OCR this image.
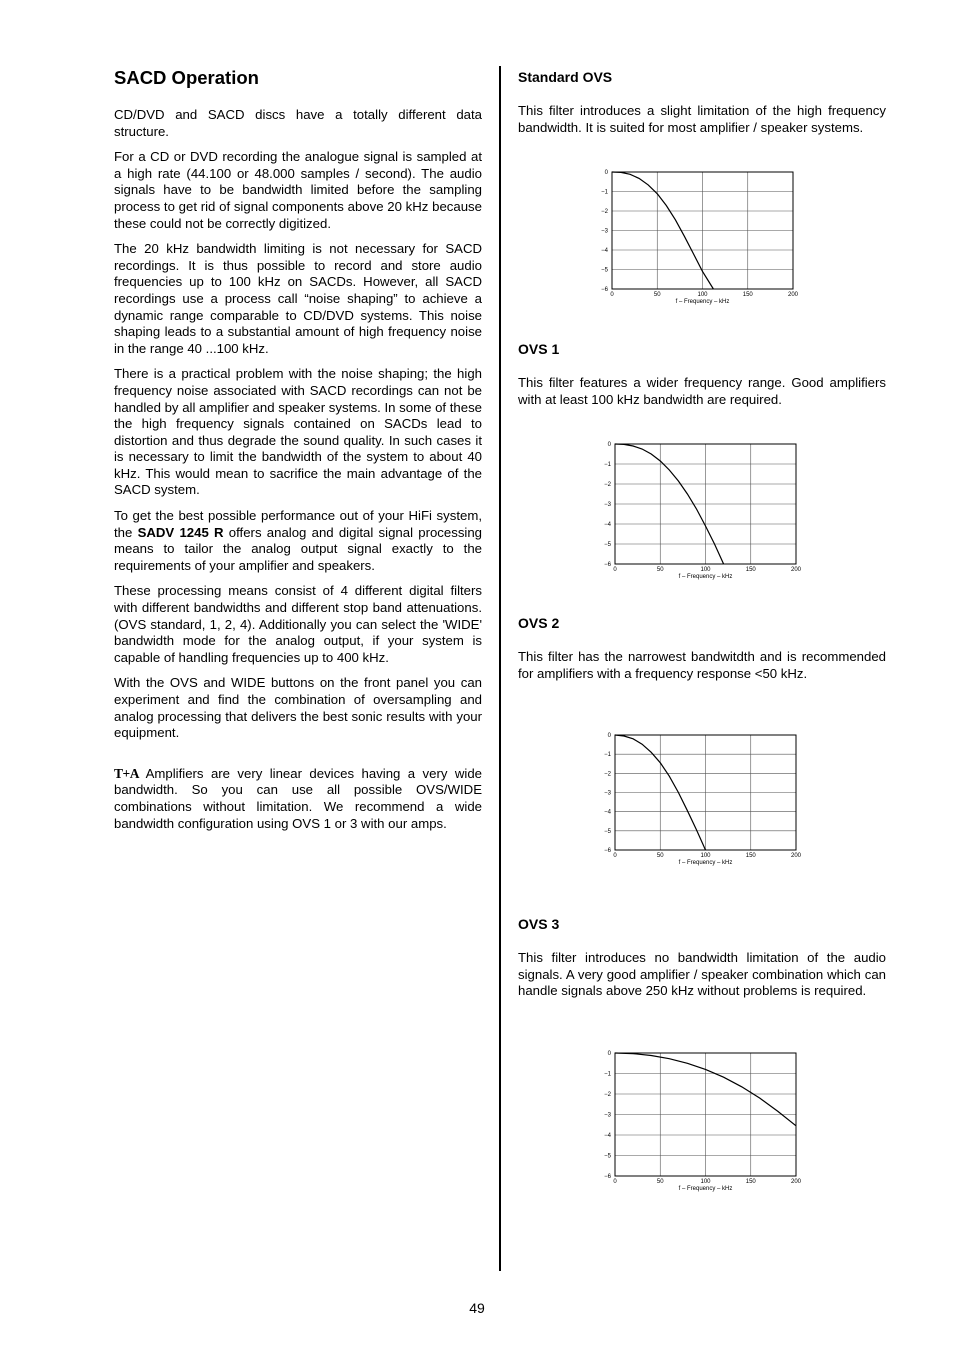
SACD Operation

CD/DVD and SACD discs have a totally different data structure.

For a CD or DVD recording the analogue signal is sampled at a high rate (44.100 or 48.000 samples / second). The audio signals have to be bandwidth limited before the sampling process to get rid of signal components above 20 kHz because these could not be correctly digitized.

The 20 kHz bandwidth limiting is not necessary for SACD recordings. It is thus possible to record and store audio frequencies up to 100 kHz on SACDs. However, all SACD recordings use a process call “noise shaping” to achieve a dynamic range comparable to CD/DVD systems. This noise shaping leads to a substantial amount of high frequency noise in the range 40 ...100 kHz.

There is a practical problem with the noise shaping; the high frequency noise associated with SACD recordings can not be handled by all amplifier and speaker systems. In some of these the high frequency signals contained on SACDs lead to distortion and thus degrade the sound quality. In such cases it is necessary to limit the bandwidth of the system to about 40 kHz. This would mean to sacrifice the main advantage of the SACD system.

To get the best possible performance out of your HiFi system, the SADV 1245 R offers analog and digital signal processing means to tailor the analog output signal exactly to the requirements of your amplifier and speakers.

These processing means consist of 4 different digital filters with different bandwidths and different stop band attenuations. (OVS standard, 1, 2, 4). Additionally you can select the 'WIDE' bandwidth mode for the analog output, if your system is capable of handling frequencies up to 400 kHz.

With the OVS and WIDE buttons on the front panel you can experiment and find the combination of oversampling and analog processing that delivers the best sonic results with your equipment.

T+A Amplifiers are very linear devices having a very wide bandwidth. So you can use all possible OVS/WIDE combinations without limitation. We recommend a wide bandwidth configuration using OVS 1 or 3 with our amps.

Standard OVS

This filter introduces a slight limitation of the high frequency bandwidth. It is suited for most amplifier / speaker systems.

OVS 1

This filter features a wider frequency range. Good amplifiers with at least 100 kHz bandwidth are required.

OVS 2

This filter has the narrowest bandwitdth and is recommended for amplifiers with a frequency response <50 kHz.

OVS 3

This filter introduces no bandwidth limitation of the audio signals. A very good amplifier / speaker combination which can handle signals above 250 kHz without problems is required.

0	50	100	150	200
0
−1
−2
−3
−4
−5
−6
f – Frequency – kHz
0	50	100	150	200
0
−1
−2
−3
−4
−5
−6
f – Frequency – kHz
0	50	100	150	200
0
−1
−2
−3
−4
−5
−6
f – Frequency – kHz
0	50	100	150	200
0
−1
−2
−3
−4
−5
−6
f – Frequency – kHz
49
